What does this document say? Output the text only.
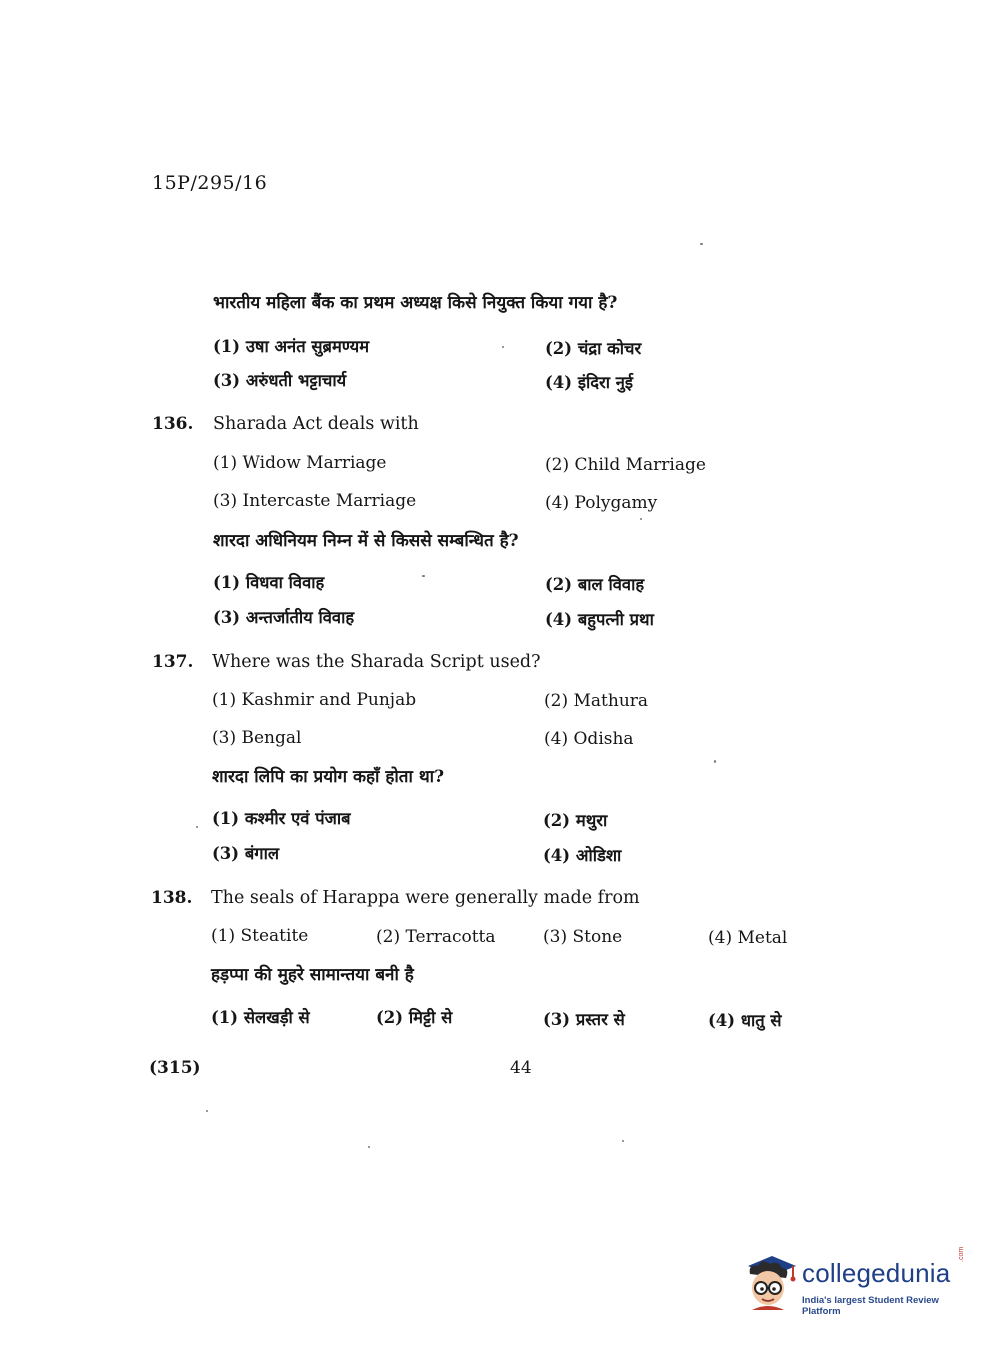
15P/295/16
भारतीय महिला बैंक का प्रथम अध्यक्ष किसे नियुक्त किया गया है?
(1) उषा अनंत सुब्रमण्यम	(2) चंद्रा कोचर
(3) अरुंधती भट्टाचार्य	(4) इंदिरा नुई
136. Sharada Act deals with
(1) Widow Marriage	(2) Child Marriage
(3) Intercaste Marriage	(4) Polygamy
शारदा अधिनियम निम्न में से किससे सम्बन्धित है?
(1) विधवा विवाह	(2) बाल विवाह
(3) अन्तर्जातीय विवाह	(4) बहुपत्नी प्रथा
137. Where was the Sharada Script used?
(1) Kashmir and Punjab	(2) Mathura
(3) Bengal	(4) Odisha
शारदा लिपि का प्रयोग कहाँ होता था?
(1) कश्मीर एवं पंजाब	(2) मथुरा
(3) बंगाल	(4) ओडिशा
138. The seals of Harappa were generally made from
(1) Steatite	(2) Terracotta	(3) Stone	(4) Metal
हड़प्पा की मुहरे सामान्तया बनी है
(1) सेलखड़ी से	(2) मिट्टी से	(3) प्रस्तर से	(4) धातु से
(315)	44
collegedunia
.com
India's largest Student Review Platform
